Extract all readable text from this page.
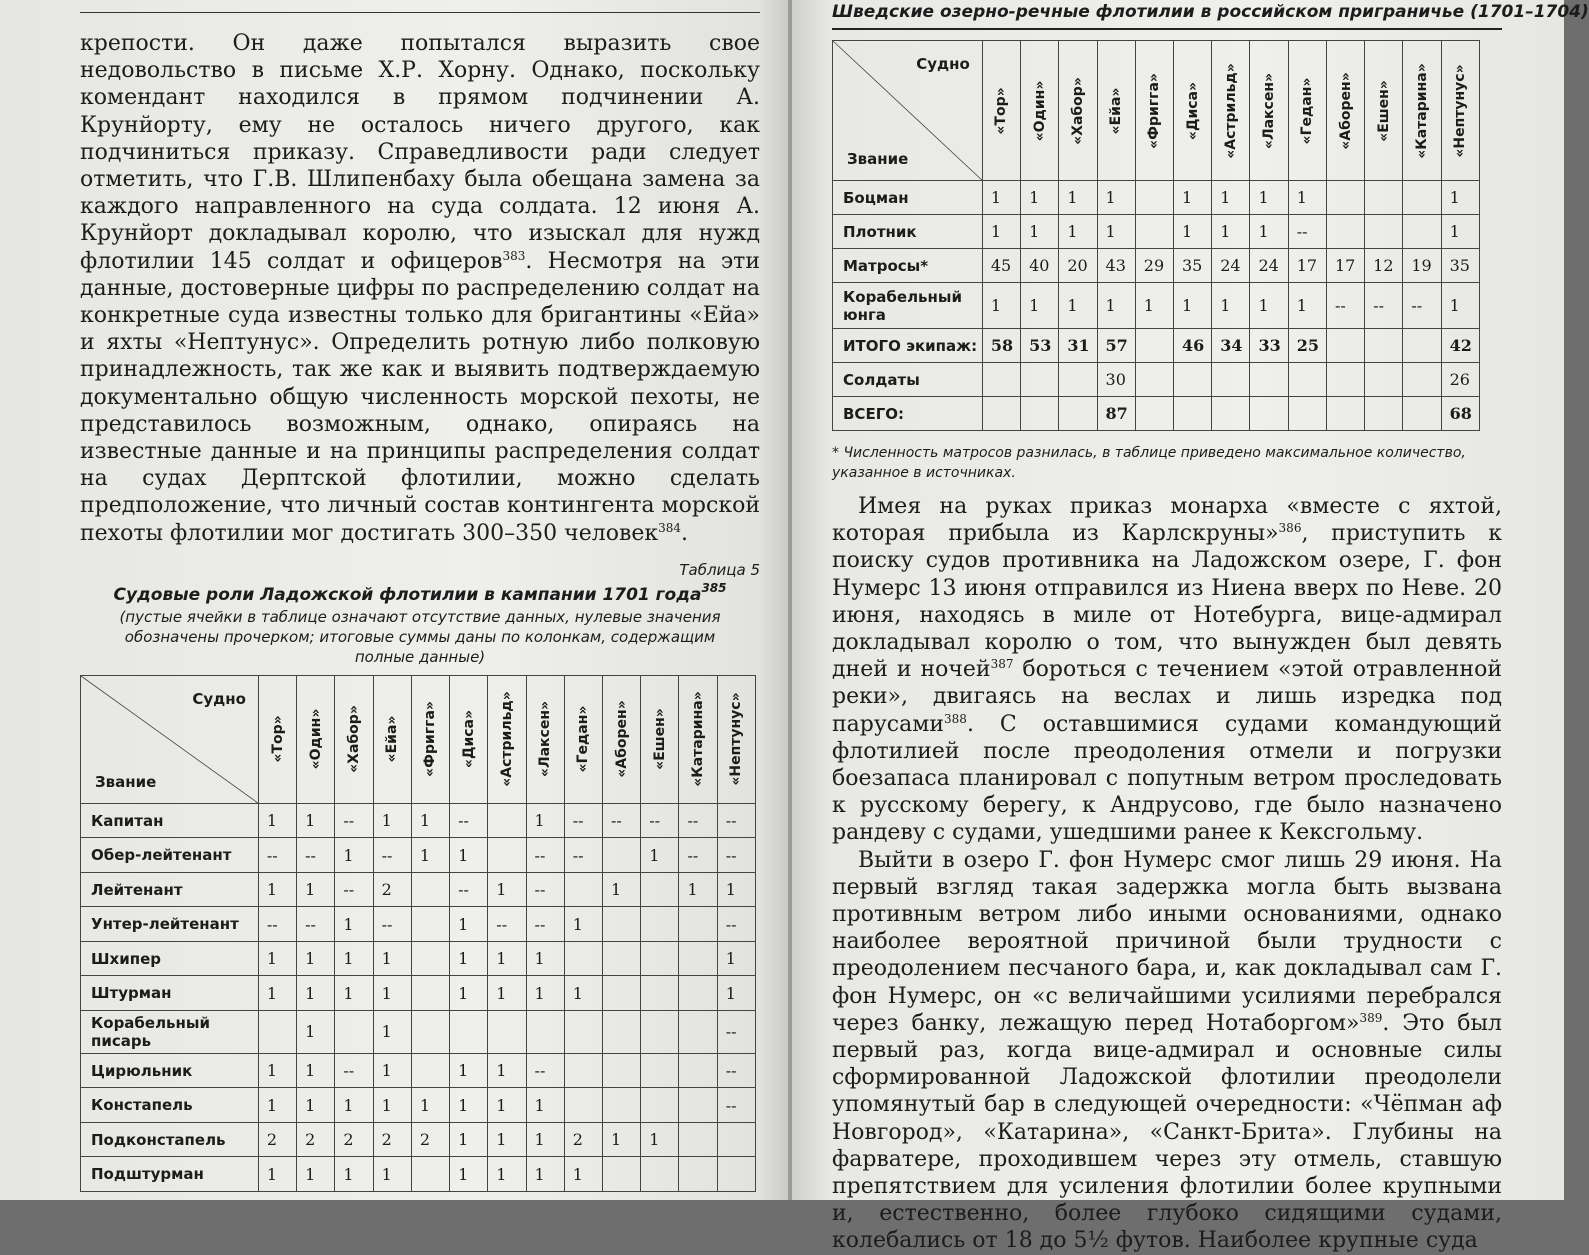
крепости. Он даже попытался выразить свое недовольство в письме Х.Р. Хорну. Однако, поскольку комендант находился в прямом подчинении А. Крунйорту, ему не осталось ничего другого, как подчиниться приказу. Справедливости ради следует отметить, что Г.В. Шлипенбаху была обещана замена за каждого направленного на суда солдата. 12 июня А. Крунйорт докладывал королю, что изыскал для нужд флотилии 145 солдат и офицеров$^{383}$. Несмотря на эти данные, достоверные цифры по распределению солдат на конкретные суда известны только для бригантины «Ейа» и яхты «Нептунус». Определить ротную либо полковую принадлежность, так же как и выявить подтверждаемую документально общую численность морской пехоты, не представилось возможным, однако, опираясь на известные данные и на принципы распределения солдат на судах Дерптской флотилии, можно сделать предположение, что личный состав контингента морской пехоты флотилии мог достигать 300–350 человек$^{384}$.

Таблица 5
Судовые роли Ладожской флотилии в кампании 1701 года$^{385}$
(пустые ячейки в таблице означают отсутствие данных, нулевые значения обозначены прочерком; итоговые суммы даны по колонкам, содержащим полные данные)
Судно
Звание	«Тор»	«Один»	«Хабор»	«Ейа»	«Фригга»	«Диса»	«Астрильд»	«Лаксен»	«Гедан»	«Аборен»	«Ешен»	«Катарина»	«Нептунус»

Капитан	1	1	--	1	1	--		1	--	--	--	--	--
Обер-лейтенант	--	--	1	--	1	1		--	--		1	--	--
Лейтенант	1	1	--	2		--	1	--		1		1	1
Унтер-лейтенант	--	--	1	--		1	--	--	1				--
Шхипер	1	1	1	1		1	1	1					1
Штурман	1	1	1	1		1	1	1	1				1
Корабельный писарь		1		1									--
Цирюльник	1	1	--	1		1	1	--					--
Констапель	1	1	1	1	1	1	1	1					--
Подконстапель	2	2	2	2	2	1	1	1	2	1	1		
Подштурман	1	1	1	1		1	1	1	1				
Шведские озерно-речные флотилии в российском приграничье (1701–1704)
Судно
Звание	«Тор»	«Один»	«Хабор»	«Ейа»	«Фригга»	«Диса»	«Астрильд»	«Лаксен»	«Гедан»	«Аборен»	«Ешен»	«Катарина»	«Нептунус»

Боцман	1	1	1	1		1	1	1	1				1
Плотник	1	1	1	1		1	1	1	--				1
Матросы*	45	40	20	43	29	35	24	24	17	17	12	19	35
Корабельный юнга	1	1	1	1	1	1	1	1	1	--	--	--	1
ИТОГО экипаж:	58	53	31	57		46	34	33	25				42
Солдаты				30									26
ВСЕГО:				87									68
* Численность матросов разнилась, в таблице приведено максимальное количество, указанное в источниках.

Имея на руках приказ монарха «вместе с яхтой, которая прибыла из Карлскруны»$^{386}$, приступить к поиску судов противника на Ладожском озере, Г. фон Нумерс 13 июня отправился из Ниена вверх по Неве. 20 июня, находясь в миле от Нотебурга, вице-адмирал докладывал королю о том, что вынужден был девять дней и ночей$^{387}$ бороться с течением «этой отравленной реки», двигаясь на веслах и лишь изредка под парусами$^{388}$. С оставшимися судами командующий флотилией после преодоления отмели и погрузки боезапаса планировал с попутным ветром проследовать к русскому берегу, к Андрусово, где было назначено рандеву с судами, ушедшими ранее к Кексгольму.

Выйти в озеро Г. фон Нумерс смог лишь 29 июня. На первый взгляд такая задержка могла быть вызвана противным ветром либо иными основаниями, однако наиболее вероятной причиной были трудности с преодолением песчаного бара, и, как докладывал сам Г. фон Нумерс, он «с величайшими усилиями перебрался через банку, лежащую перед Нотаборгом»$^{389}$. Это был первый раз, когда вице-адмирал и основные силы сформированной Ладожской флотилии преодолели упомянутый бар в следующей очередности: «Чёпман аф Новгород», «Катарина», «Санкт-Брита». Глубины на фарватере, проходившем через эту отмель, ставшую препятствием для усиления флотилии более крупными и, естественно, более глубоко сидящими судами, колебались от 18 до 5½ футов. Наиболее крупные суда
